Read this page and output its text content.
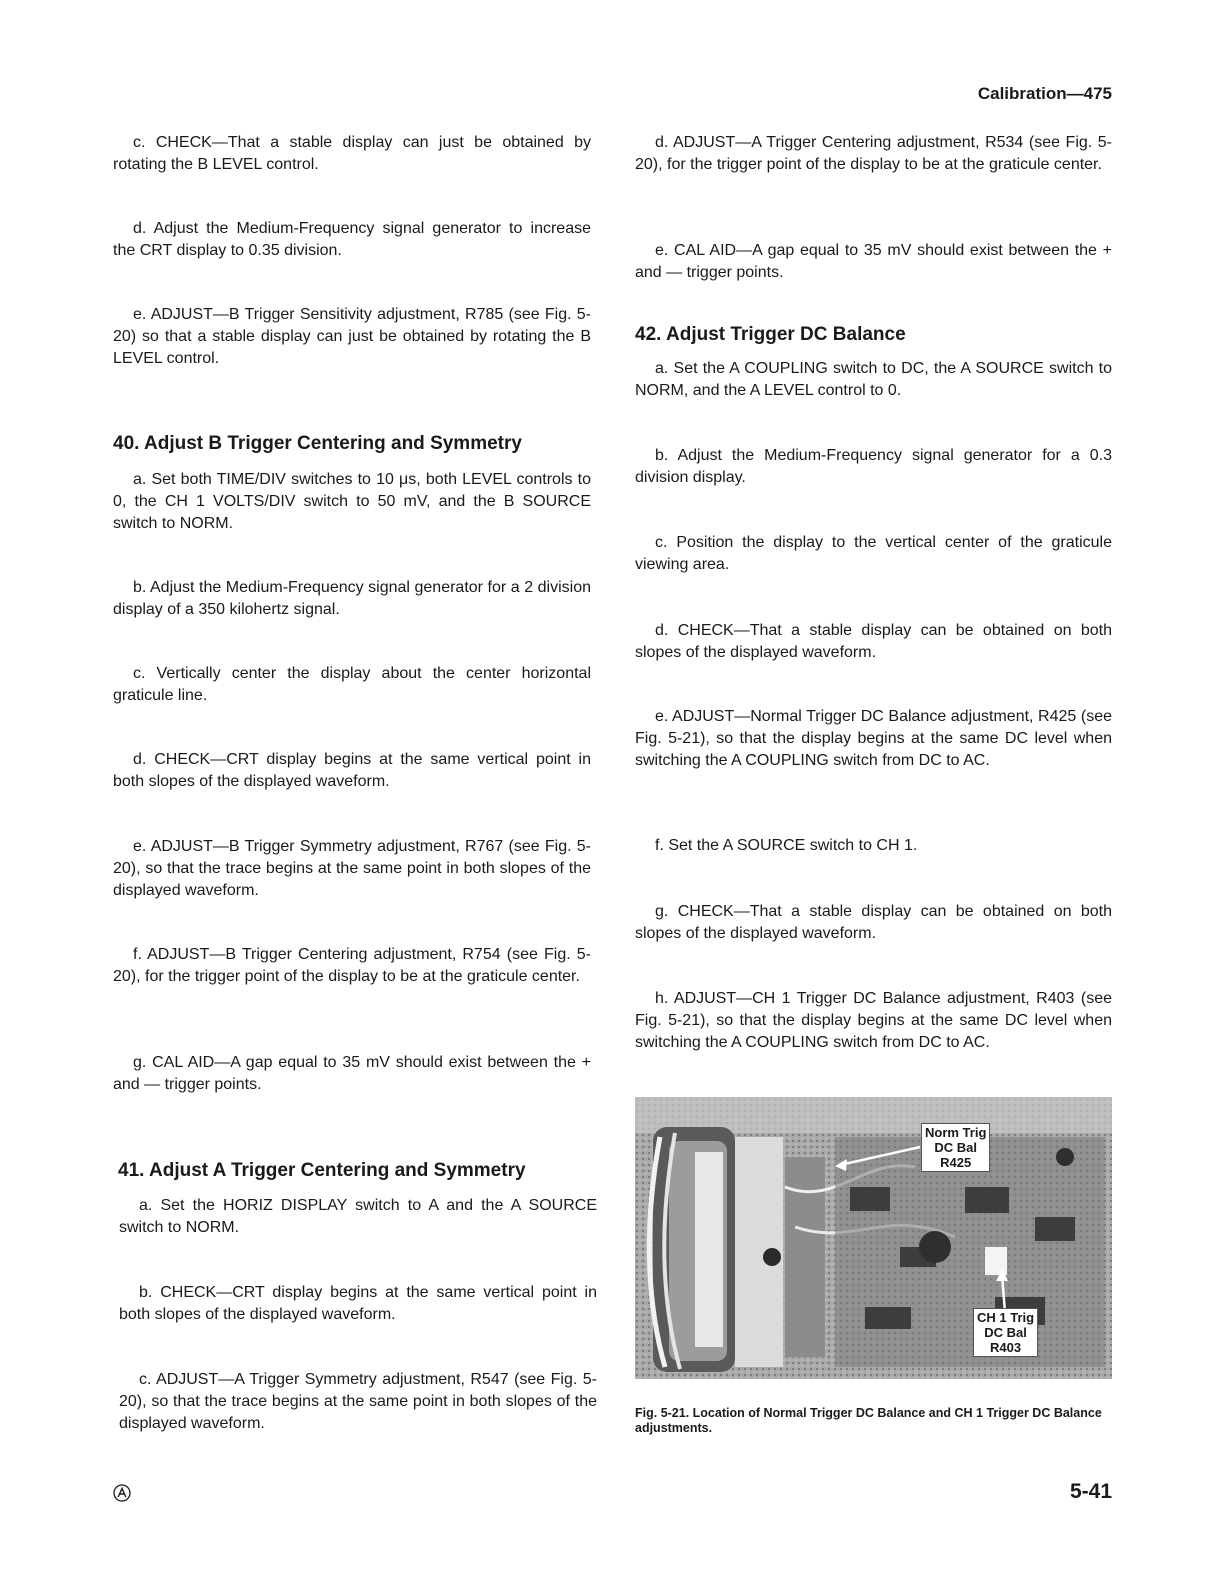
Calibration—475

c. CHECK—That a stable display can just be obtained by rotating the B LEVEL control.

d. Adjust the Medium-Frequency signal generator to increase the CRT display to 0.35 division.

e. ADJUST—B Trigger Sensitivity adjustment, R785 (see Fig. 5-20) so that a stable display can just be obtained by rotating the B LEVEL control.

40. Adjust B Trigger Centering and Symmetry

a. Set both TIME/DIV switches to 10 μs, both LEVEL controls to 0, the CH 1 VOLTS/DIV switch to 50 mV, and the B SOURCE switch to NORM.

b. Adjust the Medium-Frequency signal generator for a 2 division display of a 350 kilohertz signal.

c. Vertically center the display about the center horizontal graticule line.

d. CHECK—CRT display begins at the same vertical point in both slopes of the displayed waveform.

e. ADJUST—B Trigger Symmetry adjustment, R767 (see Fig. 5-20), so that the trace begins at the same point in both slopes of the displayed waveform.

f. ADJUST—B Trigger Centering adjustment, R754 (see Fig. 5-20), for the trigger point of the display to be at the graticule center.

g. CAL AID—A gap equal to 35 mV should exist between the + and — trigger points.

41. Adjust A Trigger Centering and Symmetry

a. Set the HORIZ DISPLAY switch to A and the A SOURCE switch to NORM.

b. CHECK—CRT display begins at the same vertical point in both slopes of the displayed waveform.

c. ADJUST—A Trigger Symmetry adjustment, R547 (see Fig. 5-20), so that the trace begins at the same point in both slopes of the displayed waveform.

d. ADJUST—A Trigger Centering adjustment, R534 (see Fig. 5-20), for the trigger point of the display to be at the graticule center.

e. CAL AID—A gap equal to 35 mV should exist between the + and — trigger points.

42. Adjust Trigger DC Balance

a. Set the A COUPLING switch to DC, the A SOURCE switch to NORM, and the A LEVEL control to 0.

b. Adjust the Medium-Frequency signal generator for a 0.3 division display.

c. Position the display to the vertical center of the graticule viewing area.

d. CHECK—That a stable display can be obtained on both slopes of the displayed waveform.

e. ADJUST—Normal Trigger DC Balance adjustment, R425 (see Fig. 5-21), so that the display begins at the same DC level when switching the A COUPLING switch from DC to AC.

f. Set the A SOURCE switch to CH 1.

g. CHECK—That a stable display can be obtained on both slopes of the displayed waveform.

h. ADJUST—CH 1 Trigger DC Balance adjustment, R403 (see Fig. 5-21), so that the display begins at the same DC level when switching the A COUPLING switch from DC to AC.

Norm Trig
DC Bal
R425
CH 1 Trig
DC Bal
R403

Fig. 5-21. Location of Normal Trigger DC Balance and CH 1 Trigger DC Balance adjustments.

5-41
